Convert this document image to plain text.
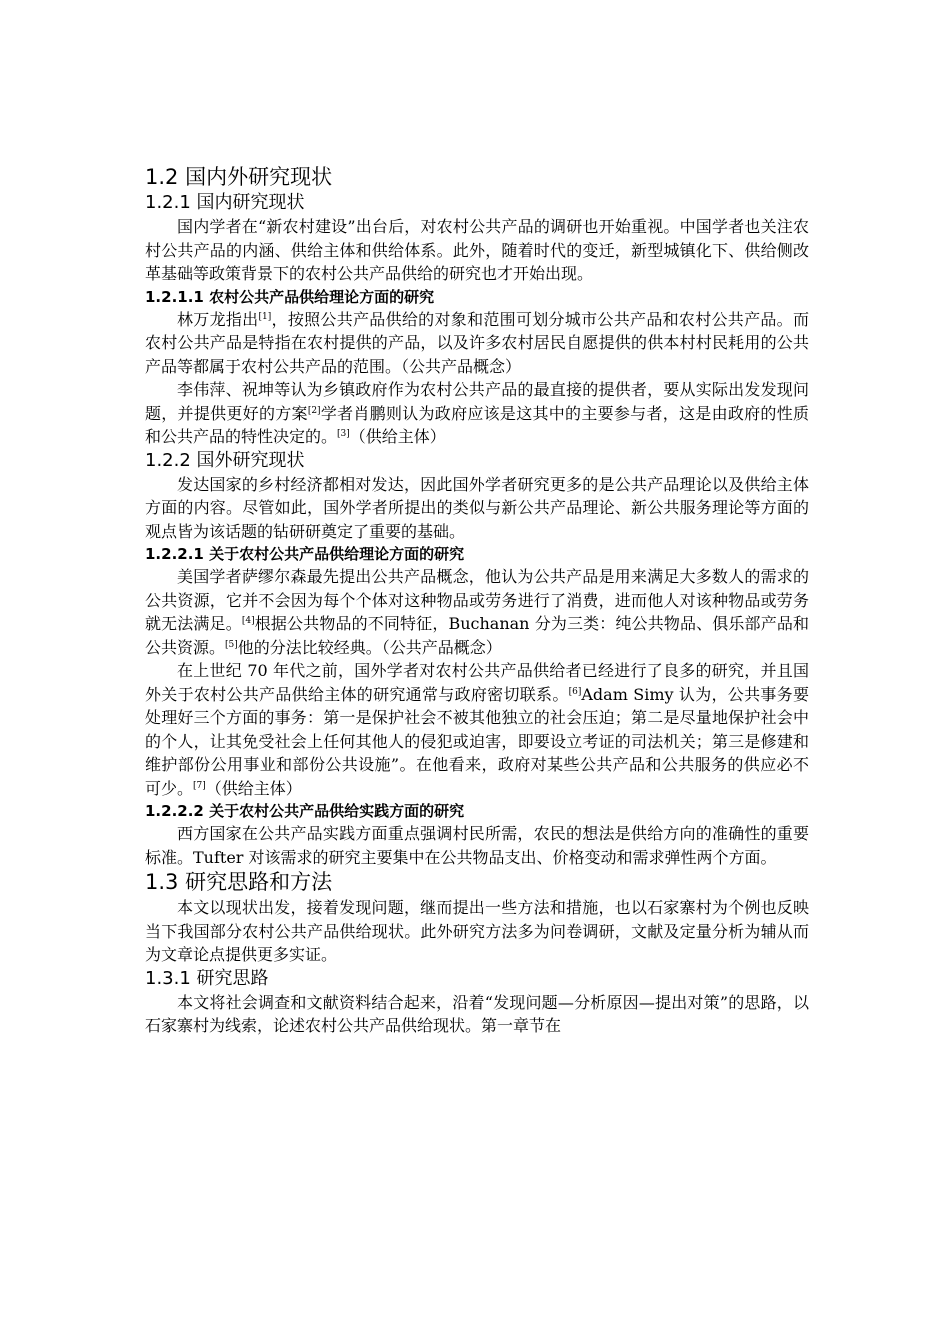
1.2 国内外研究现状
1.2.1 国内研究现状

国内学者在“新农村建设”出台后，对农村公共产品的调研也开始重视。中国学者也关注农村公共产品的内涵、供给主体和供给体系。此外，随着时代的变迁，新型城镇化下、供给侧改革基础等政策背景下的农村公共产品供给的研究也才开始出现。

1.2.1.1 农村公共产品供给理论方面的研究

林万龙指出[1]，按照公共产品供给的对象和范围可划分城市公共产品和农村公共产品。而农村公共产品是特指在农村提供的产品，以及许多农村居民自愿提供的供本村村民耗用的公共产品等都属于农村公共产品的范围。（公共产品概念）

李伟萍、祝坤等认为乡镇政府作为农村公共产品的最直接的提供者，要从实际出发发现问题，并提供更好的方案[2]学者肖鹏则认为政府应该是这其中的主要参与者，这是由政府的性质和公共产品的特性决定的。[3]（供给主体）

1.2.2 国外研究现状

发达国家的乡村经济都相对发达，因此国外学者研究更多的是公共产品理论以及供给主体方面的内容。尽管如此，国外学者所提出的类似与新公共产品理论、新公共服务理论等方面的观点皆为该话题的钻研研奠定了重要的基础。

1.2.2.1 关于农村公共产品供给理论方面的研究

美国学者萨缪尔森最先提出公共产品概念，他认为公共产品是用来满足大多数人的需求的公共资源，它并不会因为每个个体对这种物品或劳务进行了消费，进而他人对该种物品或劳务就无法满足。[4]根据公共物品的不同特征，Buchanan 分为三类：纯公共物品、俱乐部产品和公共资源。[5]他的分法比较经典。（公共产品概念）

在上世纪 70 年代之前，国外学者对农村公共产品供给者已经进行了良多的研究，并且国外关于农村公共产品供给主体的研究通常与政府密切联系。[6]Adam Simy 认为，公共事务要处理好三个方面的事务：第一是保护社会不被其他独立的社会压迫；第二是尽量地保护社会中的个人，让其免受社会上任何其他人的侵犯或迫害，即要设立考证的司法机关；第三是修建和维护部份公用事业和部份公共设施”。在他看来，政府对某些公共产品和公共服务的供应必不可少。[7]（供给主体）

1.2.2.2 关于农村公共产品供给实践方面的研究

西方国家在公共产品实践方面重点强调村民所需，农民的想法是供给方向的准确性的重要标准。Tufter 对该需求的研究主要集中在公共物品支出、价格变动和需求弹性两个方面。

1.3 研究思路和方法

本文以现状出发，接着发现问题，继而提出一些方法和措施，也以石家寨村为个例也反映当下我国部分农村公共产品供给现状。此外研究方法多为问卷调研，文献及定量分析为辅从而为文章论点提供更多实证。

1.3.1 研究思路

本文将社会调查和文献资料结合起来，沿着“发现问题—分析原因—提出对策”的思路，以石家寨村为线索，论述农村公共产品供给现状。第一章节在
